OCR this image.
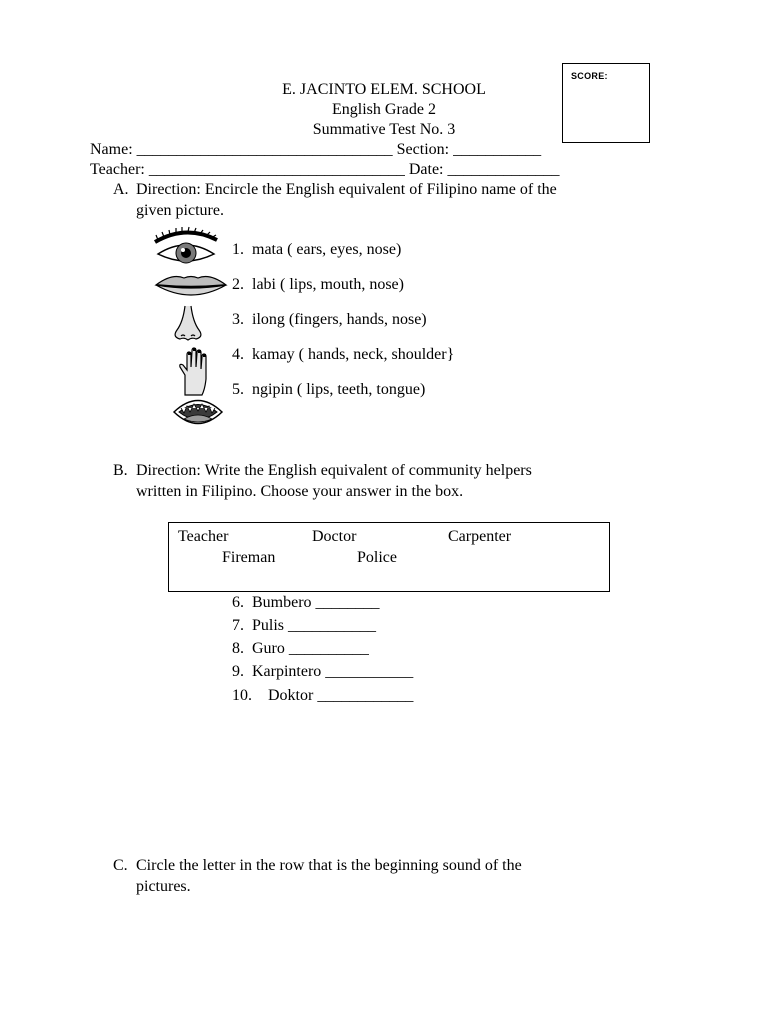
SCORE:
E. JACINTO ELEM. SCHOOL
English Grade 2
Summative Test No. 3
Name: ________________________________ Section: ___________
Teacher: ________________________________ Date: ______________
A. Direction: Encircle the English equivalent of Filipino name of the
given picture.
1. mata ( ears, eyes, nose)
2. labi ( lips, mouth, nose)
3. ilong (fingers, hands, nose)
4. kamay ( hands, neck, shoulder}
5. ngipin ( lips, teeth, tongue)
B. Direction: Write the English equivalent of community helpers
written in Filipino. Choose your answer in the box.
Teacher	Doctor	Carpenter
Fireman	Police
6. Bumbero ________
7. Pulis ___________
8. Guro __________
9. Karpintero ___________
10. Doktor ____________
C. Circle the letter in the row that is the beginning sound of the
pictures.
